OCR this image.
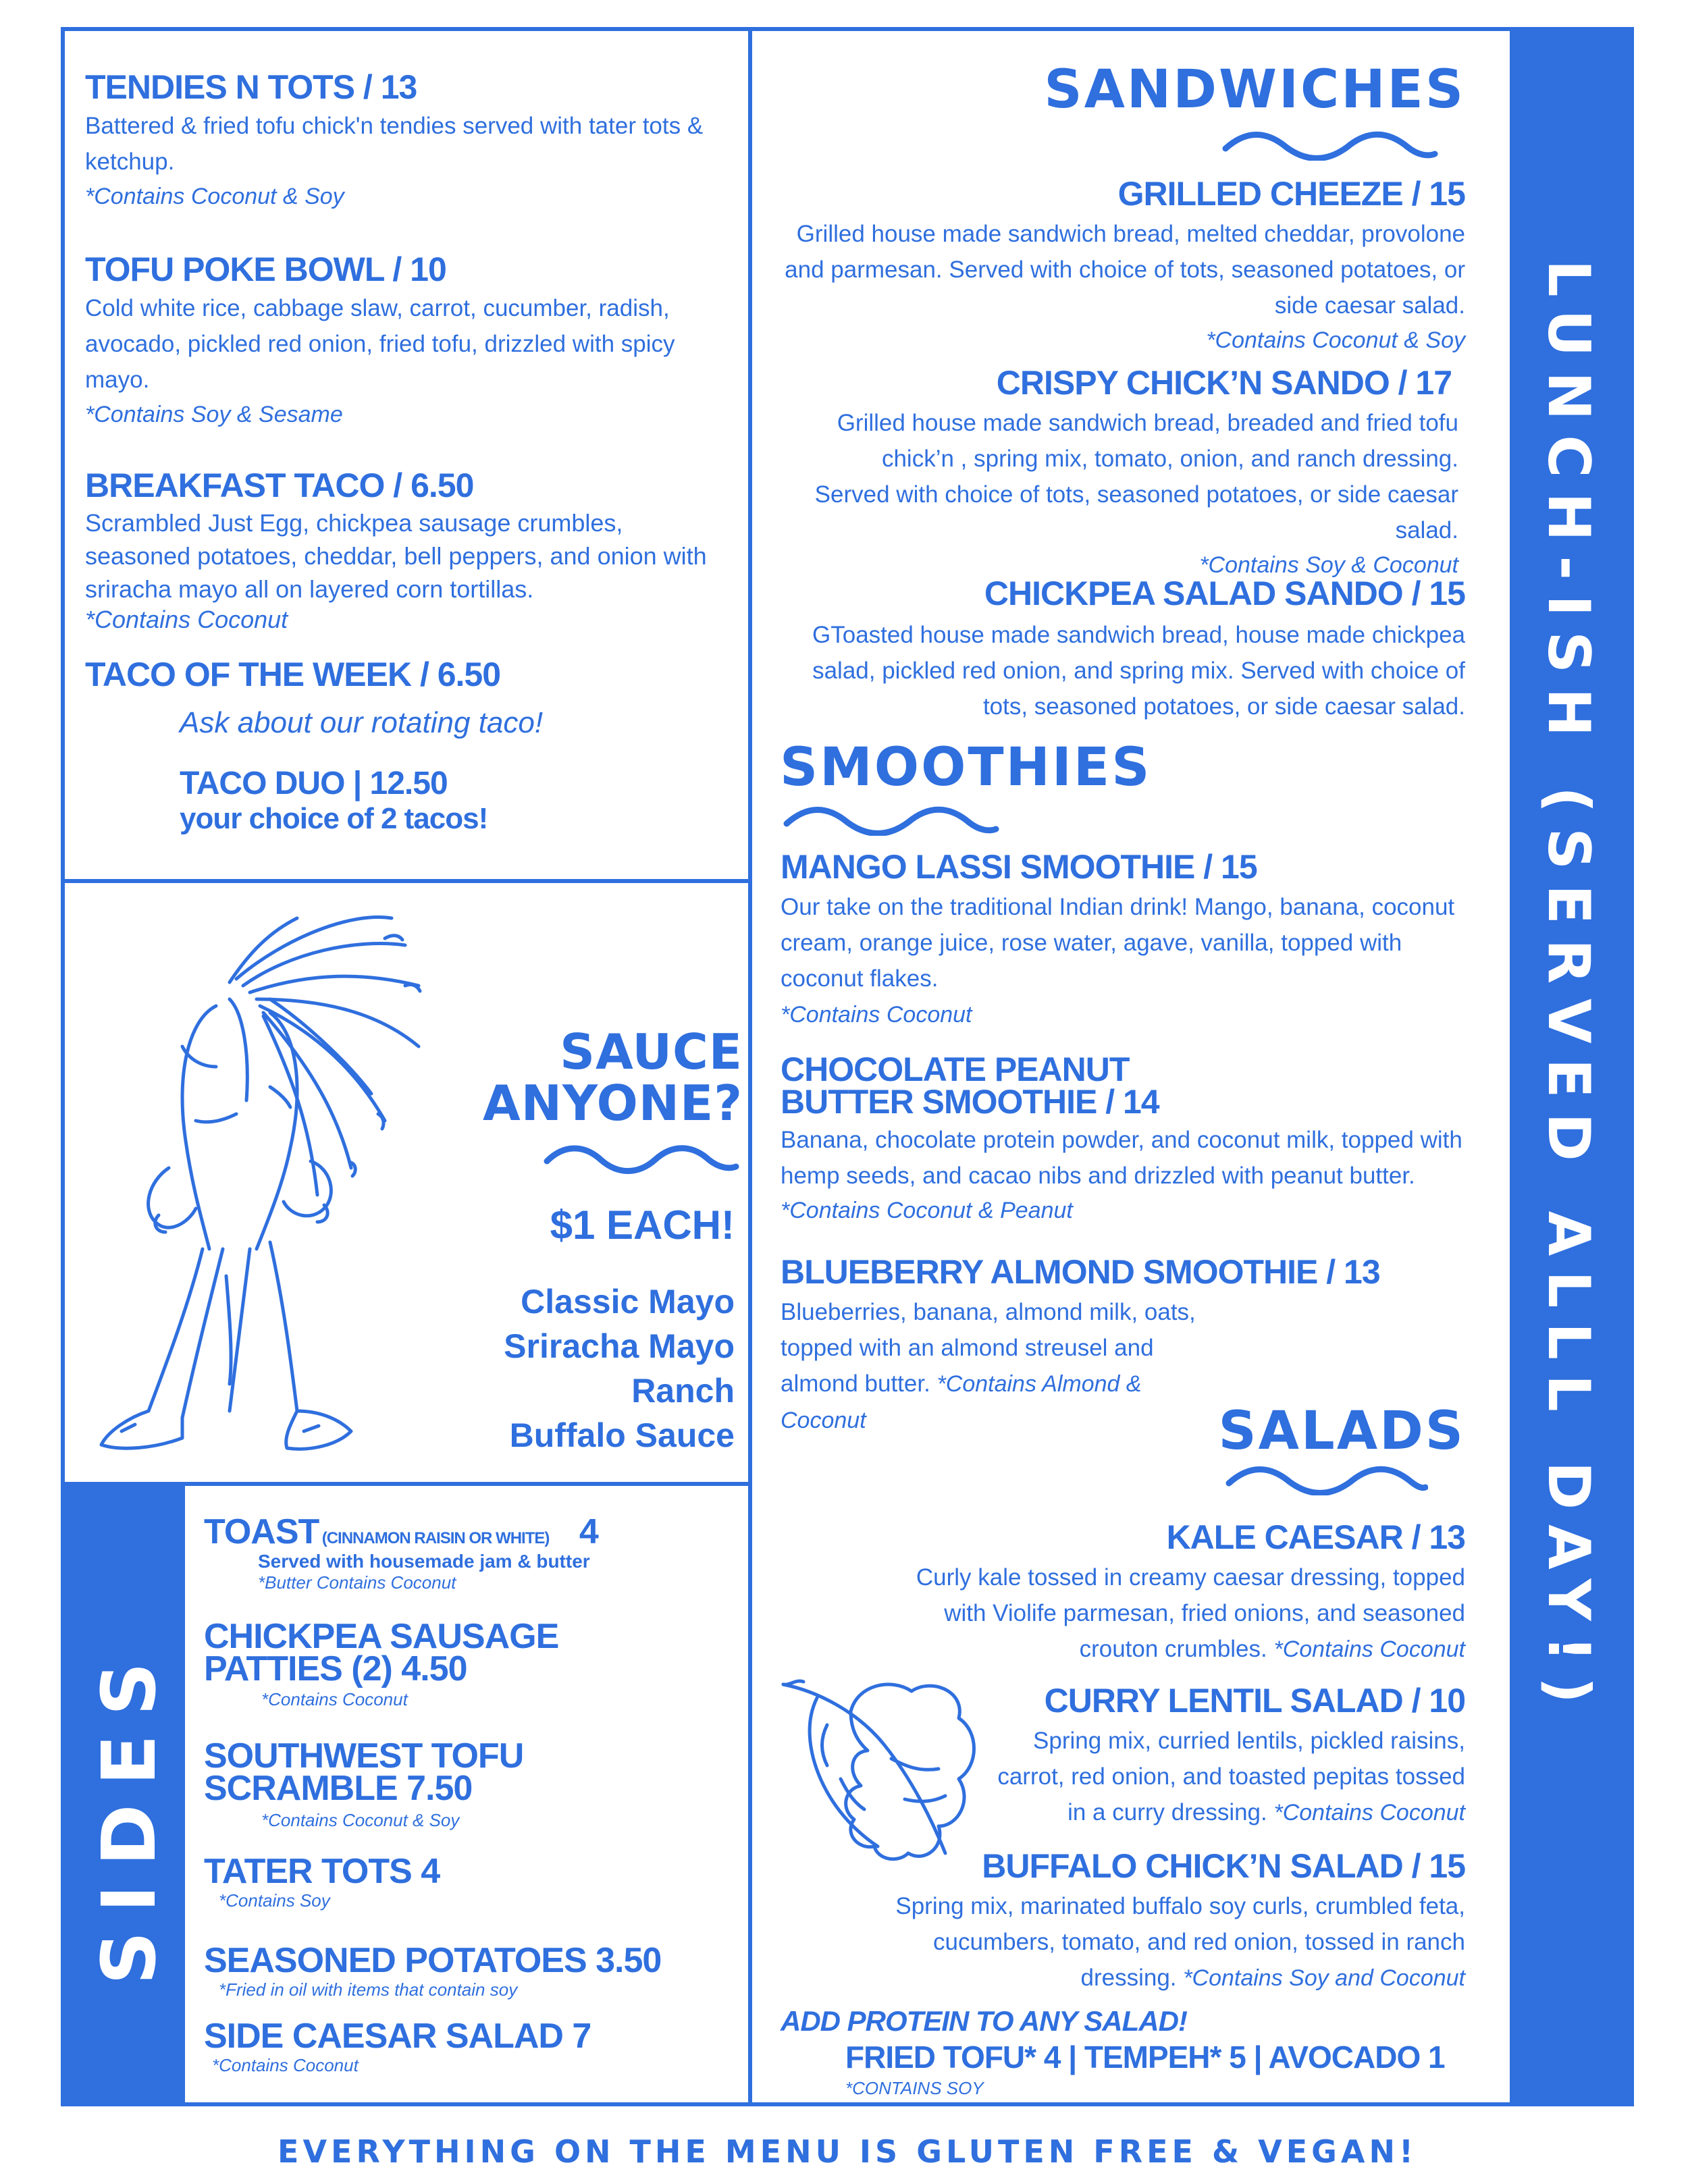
LUNCH-ISH (SERVED ALLL DAY!)
SIDES
TENDIES N TOTS / 13
Battered & fried tofu chick'n tendies served with tater tots & ketchup.
*Contains Coconut & Soy
TOFU POKE BOWL / 10
Cold white rice, cabbage slaw, carrot, cucumber, radish, avocado, pickled red onion, fried tofu, drizzled with spicy mayo.
*Contains Soy & Sesame
BREAKFAST TACO / 6.50
Scrambled Just Egg, chickpea sausage crumbles, seasoned potatoes, cheddar, bell peppers, and onion with sriracha mayo all on layered corn tortillas.
*Contains Coconut
TACO OF THE WEEK / 6.50
Ask about our rotating taco!
TACO DUO | 12.50
your choice of 2 tacos!
SAUCE
ANYONE?
$1 EACH!
Classic Mayo
Sriracha Mayo
Ranch
Buffalo Sauce
TOAST (CINNAMON RAISIN OR WHITE) 4
Served with housemade jam & butter
*Butter Contains Coconut
CHICKPEA SAUSAGE
PATTIES (2) 4.50
*Contains Coconut
SOUTHWEST TOFU
SCRAMBLE 7.50
*Contains Coconut & Soy
TATER TOTS 4
*Contains Soy
SEASONED POTATOES 3.50
*Fried in oil with items that contain soy
SIDE CAESAR SALAD 7
*Contains Coconut
SANDWICHES
GRILLED CHEEZE / 15
Grilled house made sandwich bread, melted cheddar, provolone and parmesan. Served with choice of tots, seasoned potatoes, or side caesar salad.
*Contains Coconut & Soy
CRISPY CHICK’N SANDO / 17
Grilled house made sandwich bread, breaded and fried tofu chick’n , spring mix, tomato, onion, and ranch dressing. Served with choice of tots, seasoned potatoes, or side caesar salad.
*Contains Soy & Coconut
CHICKPEA SALAD SANDO / 15
GToasted house made sandwich bread, house made chickpea salad, pickled red onion, and spring mix. Served with choice of tots, seasoned potatoes, or side caesar salad.
SMOOTHIES
MANGO LASSI SMOOTHIE / 15
Our take on the traditional Indian drink! Mango, banana, coconut cream, orange juice, rose water, agave, vanilla, topped with coconut flakes.
*Contains Coconut
CHOCOLATE PEANUT
BUTTER SMOOTHIE / 14
Banana, chocolate protein powder, and coconut milk, topped with hemp seeds, and cacao nibs and drizzled with peanut butter.
*Contains Coconut & Peanut
BLUEBERRY ALMOND SMOOTHIE / 13
Blueberries, banana, almond milk, oats, topped with an almond streusel and almond butter. *Contains Almond & Coconut	SALADS
KALE CAESAR / 13
Curly kale tossed in creamy caesar dressing, topped with Violife parmesan, fried onions, and seasoned crouton crumbles. *Contains Coconut
CURRY LENTIL SALAD / 10
Spring mix, curried lentils, pickled raisins, carrot, red onion, and toasted pepitas tossed in a curry dressing. *Contains Coconut
BUFFALO CHICK’N SALAD / 15
Spring mix, marinated buffalo soy curls, crumbled feta, cucumbers, tomato, and red onion, tossed in ranch dressing. *Contains Soy and Coconut
ADD PROTEIN TO ANY SALAD!
FRIED TOFU* 4 | TEMPEH* 5 | AVOCADO 1
*CONTAINS SOY
EVERYTHING ON THE MENU IS GLUTEN FREE & VEGAN!
